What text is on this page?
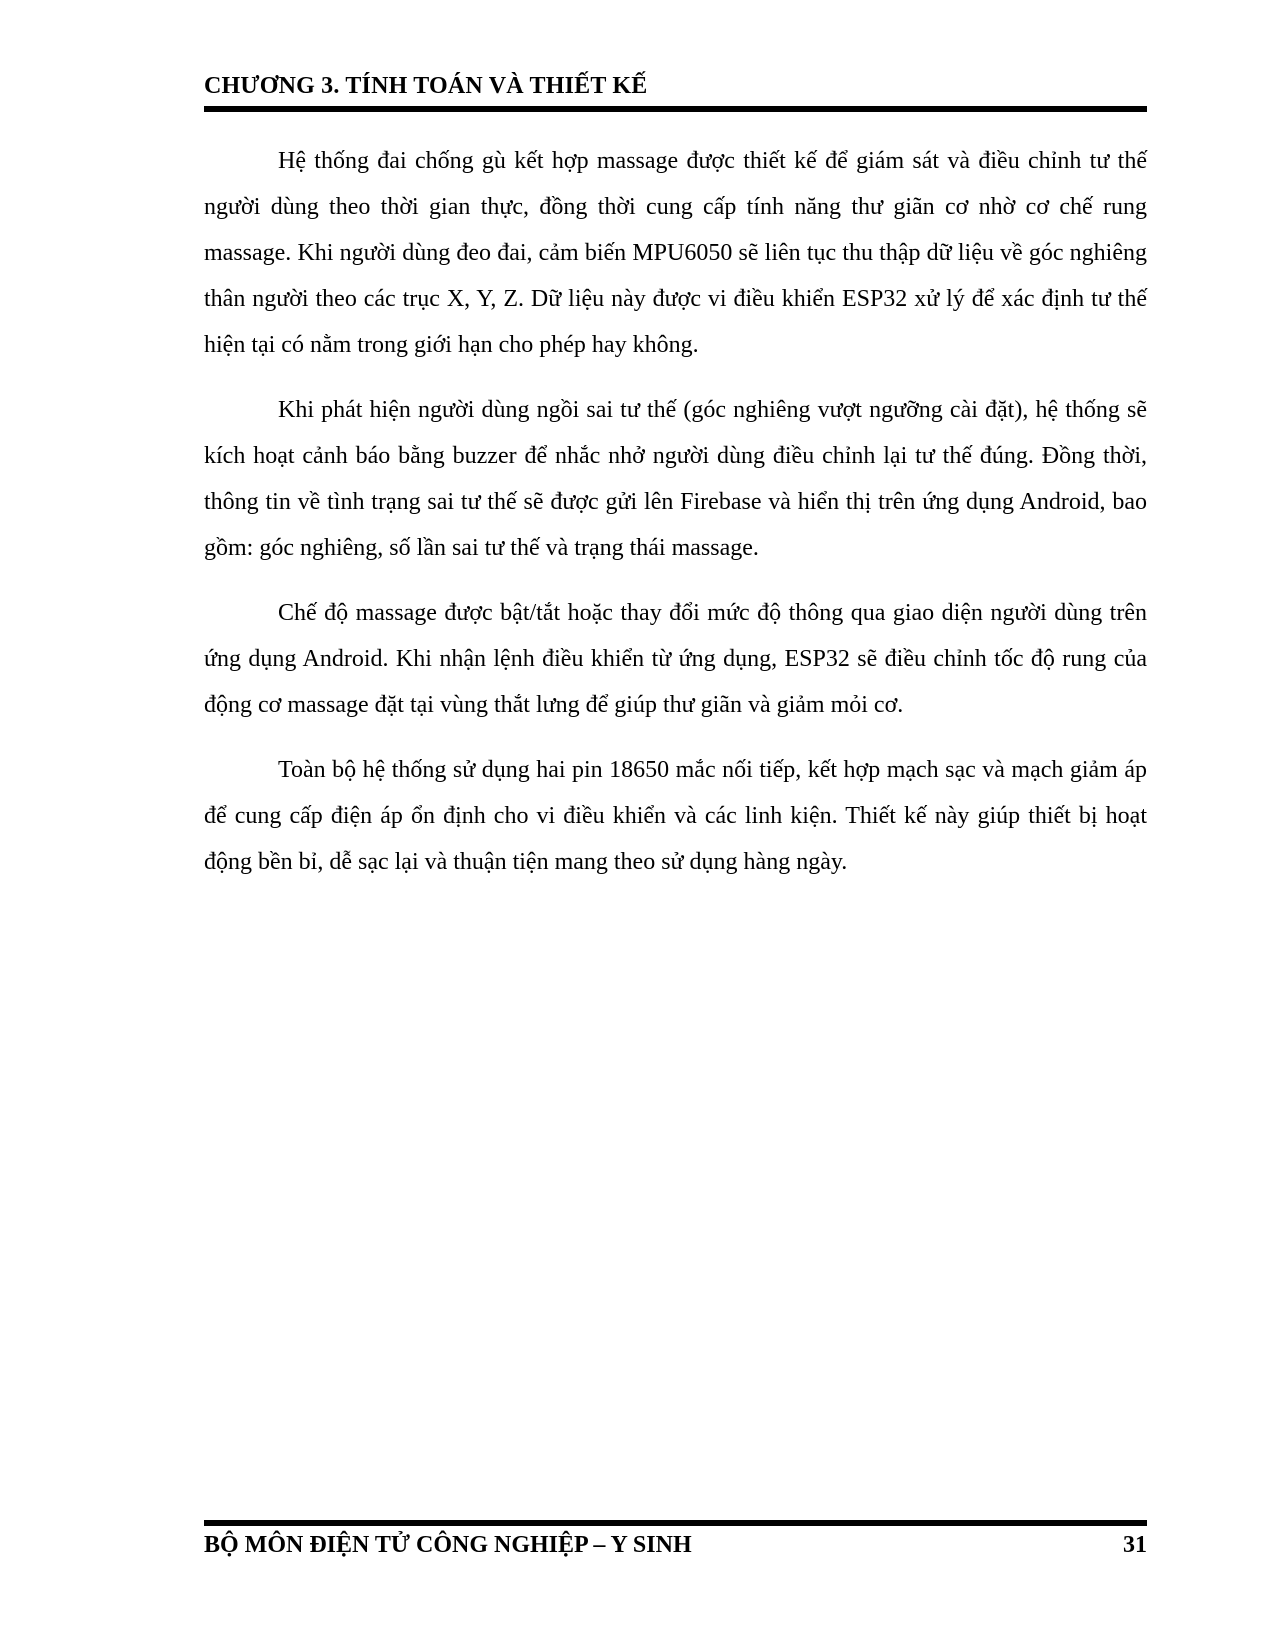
CHƯƠNG 3. TÍNH TOÁN VÀ THIẾT KẾ

Hệ thống đai chống gù kết hợp massage được thiết kế để giám sát và điều chỉnh tư thế người dùng theo thời gian thực, đồng thời cung cấp tính năng thư giãn cơ nhờ cơ chế rung massage. Khi người dùng đeo đai, cảm biến MPU6050 sẽ liên tục thu thập dữ liệu về góc nghiêng thân người theo các trục X, Y, Z. Dữ liệu này được vi điều khiển ESP32 xử lý để xác định tư thế hiện tại có nằm trong giới hạn cho phép hay không.

Khi phát hiện người dùng ngồi sai tư thế (góc nghiêng vượt ngưỡng cài đặt), hệ thống sẽ kích hoạt cảnh báo bằng buzzer để nhắc nhở người dùng điều chỉnh lại tư thế đúng. Đồng thời, thông tin về tình trạng sai tư thế sẽ được gửi lên Firebase và hiển thị trên ứng dụng Android, bao gồm: góc nghiêng, số lần sai tư thế và trạng thái massage.

Chế độ massage được bật/tắt hoặc thay đổi mức độ thông qua giao diện người dùng trên ứng dụng Android. Khi nhận lệnh điều khiển từ ứng dụng, ESP32 sẽ điều chỉnh tốc độ rung của động cơ massage đặt tại vùng thắt lưng để giúp thư giãn và giảm mỏi cơ.

Toàn bộ hệ thống sử dụng hai pin 18650 mắc nối tiếp, kết hợp mạch sạc và mạch giảm áp để cung cấp điện áp ổn định cho vi điều khiển và các linh kiện. Thiết kế này giúp thiết bị hoạt động bền bỉ, dễ sạc lại và thuận tiện mang theo sử dụng hàng ngày.

BỘ MÔN ĐIỆN TỬ CÔNG NGHIỆP – Y SINH	31
